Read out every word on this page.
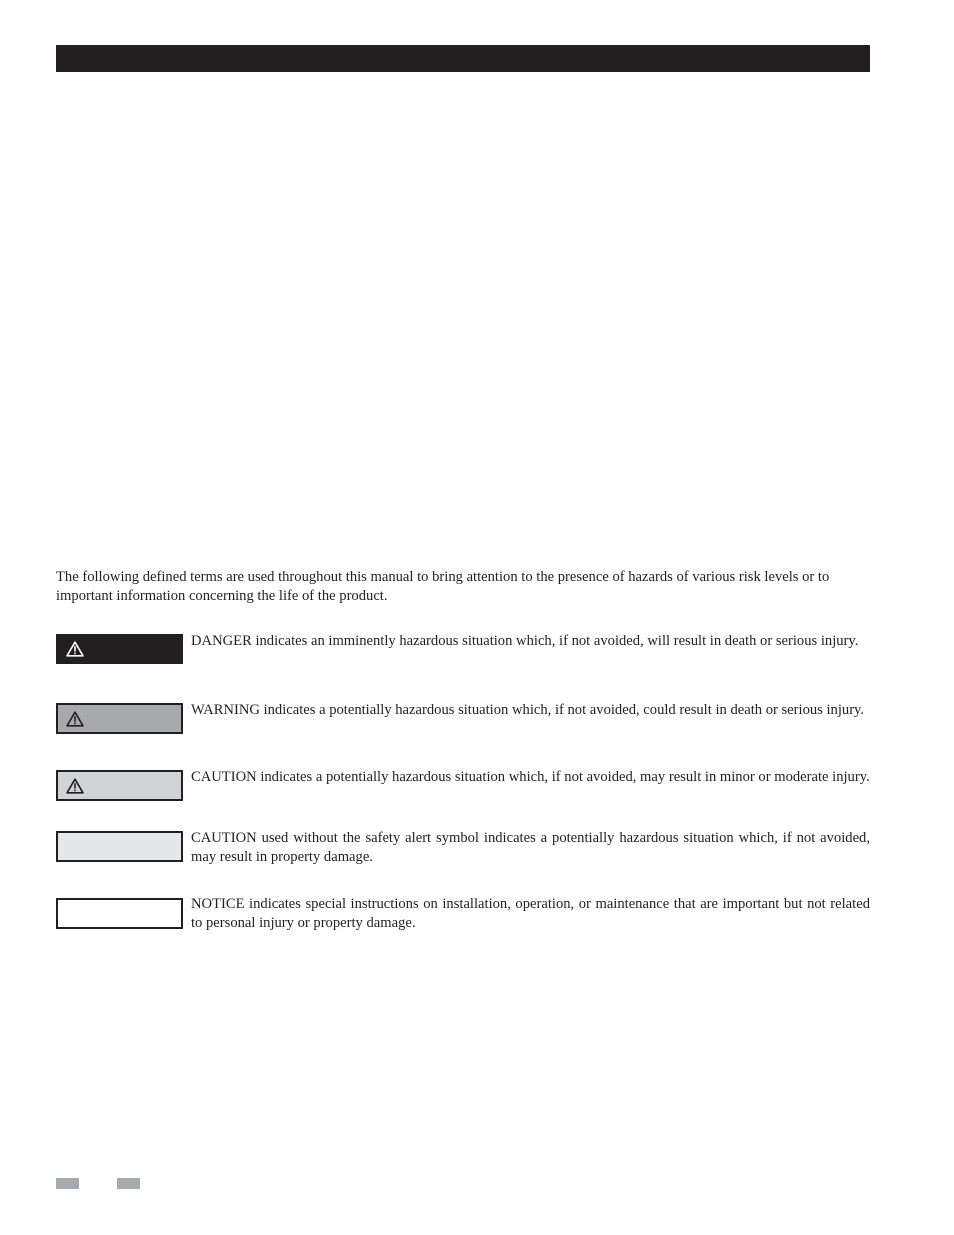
The following defined terms are used throughout this manual to bring attention to the presence of hazards of various risk levels or to important information concerning the life of the product.

DANGER indicates an imminently hazardous situation which, if not avoided, will result in death or serious injury.

WARNING indicates a potentially hazardous situation which, if not avoided, could result in death or serious injury.

CAUTION indicates a potentially hazardous situation which, if not avoided, may result in minor or moderate injury.

CAUTION used without the safety alert symbol indicates a potentially hazardous situation which, if not avoided, may result in property damage.

NOTICE indicates special instructions on installation, operation, or maintenance that are important but not related to personal injury or property damage.
